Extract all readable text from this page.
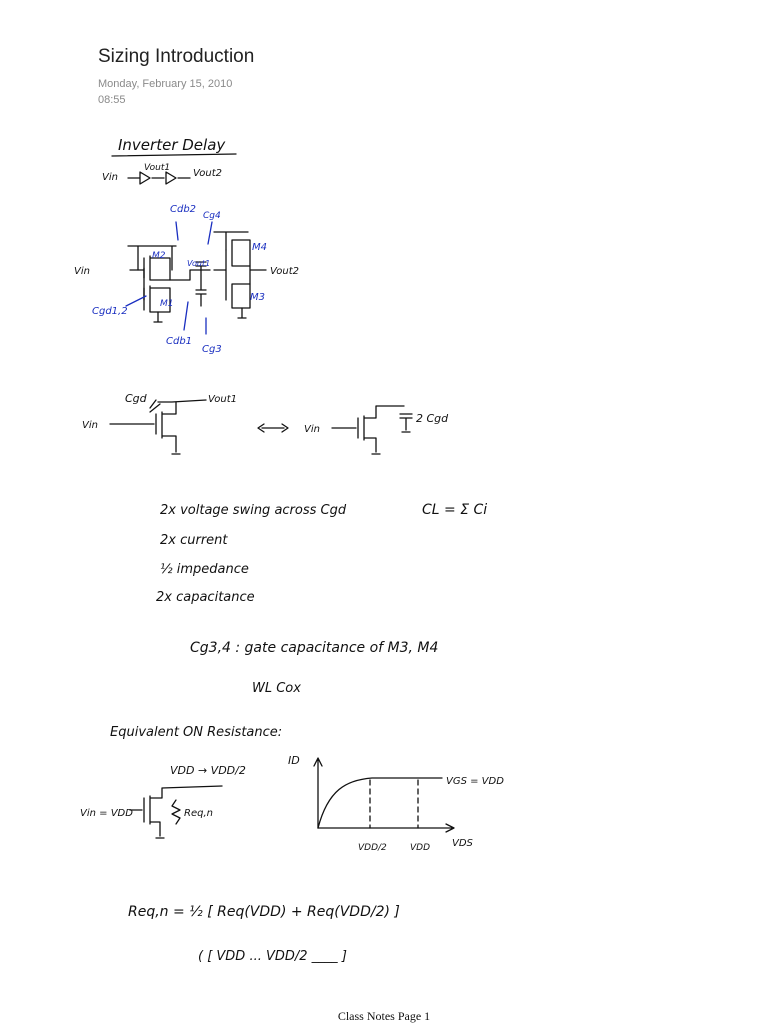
Sizing Introduction
Monday, February 15, 2010
08:55
Inverter Delay
Vin
Vout1 Vout2
Vin	Vout2
Cdb2
Cg4
M2
M4
Vout1
M1
M3
Cgd1,2
Cdb1
Cg3
Cgd	Vout1
Vin	Vin
2 Cgd
2x voltage swing across Cgd	CL = Σ Ci
2x current
½ impedance
2x capacitance
Cg3,4 : gate capacitance of M3, M4
WL Cox
Equivalent ON Resistance:
VDD → VDD/2
Vin = VDD	Req,n
ID
VGS = VDD
VDS
VDD/2	VDD
Req,n = ½ [ Req(VDD) + Req(VDD/2) ]
( [ VDD ... VDD/2 ____ ]
Class Notes Page 1
